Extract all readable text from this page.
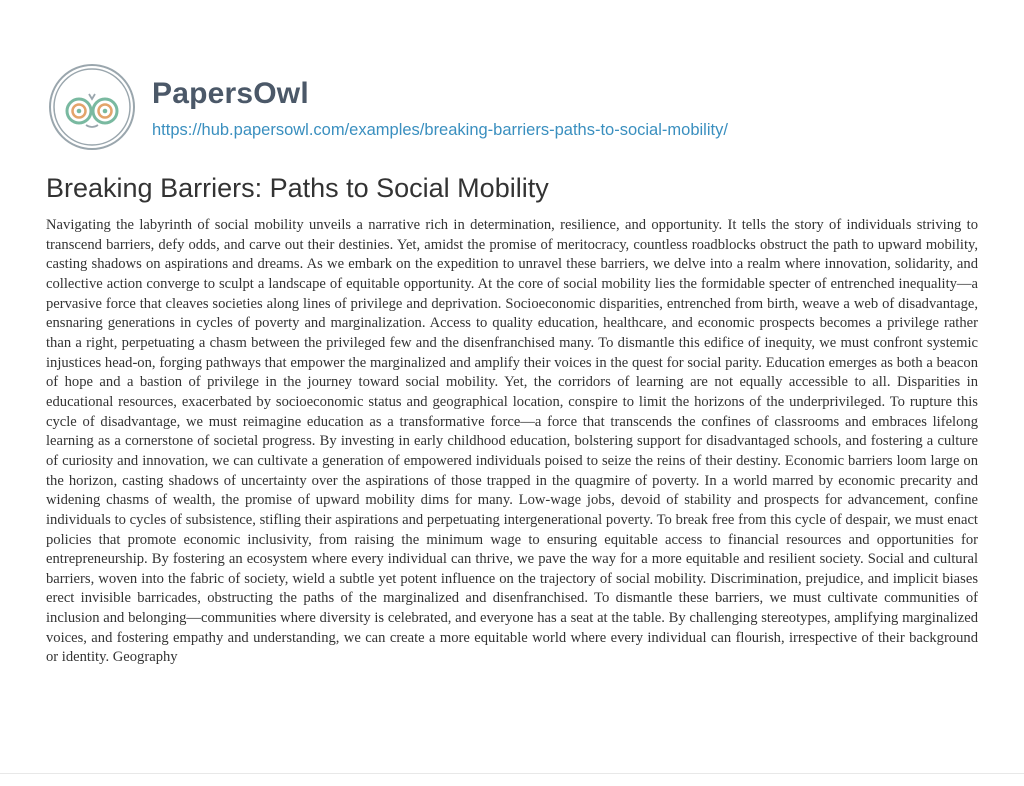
PapersOwl
https://hub.papersowl.com/examples/breaking-barriers-paths-to-social-mobility/
Breaking Barriers: Paths to Social Mobility

Navigating the labyrinth of social mobility unveils a narrative rich in determination, resilience, and opportunity. It tells the story of individuals striving to transcend barriers, defy odds, and carve out their destinies. Yet, amidst the promise of meritocracy, countless roadblocks obstruct the path to upward mobility, casting shadows on aspirations and dreams. As we embark on the expedition to unravel these barriers, we delve into a realm where innovation, solidarity, and collective action converge to sculpt a landscape of equitable opportunity. At the core of social mobility lies the formidable specter of entrenched inequality—a pervasive force that cleaves societies along lines of privilege and deprivation. Socioeconomic disparities, entrenched from birth, weave a web of disadvantage, ensnaring generations in cycles of poverty and marginalization. Access to quality education, healthcare, and economic prospects becomes a privilege rather than a right, perpetuating a chasm between the privileged few and the disenfranchised many. To dismantle this edifice of inequity, we must confront systemic injustices head-on, forging pathways that empower the marginalized and amplify their voices in the quest for social parity. Education emerges as both a beacon of hope and a bastion of privilege in the journey toward social mobility. Yet, the corridors of learning are not equally accessible to all. Disparities in educational resources, exacerbated by socioeconomic status and geographical location, conspire to limit the horizons of the underprivileged. To rupture this cycle of disadvantage, we must reimagine education as a transformative force—a force that transcends the confines of classrooms and embraces lifelong learning as a cornerstone of societal progress. By investing in early childhood education, bolstering support for disadvantaged schools, and fostering a culture of curiosity and innovation, we can cultivate a generation of empowered individuals poised to seize the reins of their destiny. Economic barriers loom large on the horizon, casting shadows of uncertainty over the aspirations of those trapped in the quagmire of poverty. In a world marred by economic precarity and widening chasms of wealth, the promise of upward mobility dims for many. Low-wage jobs, devoid of stability and prospects for advancement, confine individuals to cycles of subsistence, stifling their aspirations and perpetuating intergenerational poverty. To break free from this cycle of despair, we must enact policies that promote economic inclusivity, from raising the minimum wage to ensuring equitable access to financial resources and opportunities for entrepreneurship. By fostering an ecosystem where every individual can thrive, we pave the way for a more equitable and resilient society. Social and cultural barriers, woven into the fabric of society, wield a subtle yet potent influence on the trajectory of social mobility. Discrimination, prejudice, and implicit biases erect invisible barricades, obstructing the paths of the marginalized and disenfranchised. To dismantle these barriers, we must cultivate communities of inclusion and belonging—communities where diversity is celebrated, and everyone has a seat at the table. By challenging stereotypes, amplifying marginalized voices, and fostering empathy and understanding, we can create a more equitable world where every individual can flourish, irrespective of their background or identity. Geography
